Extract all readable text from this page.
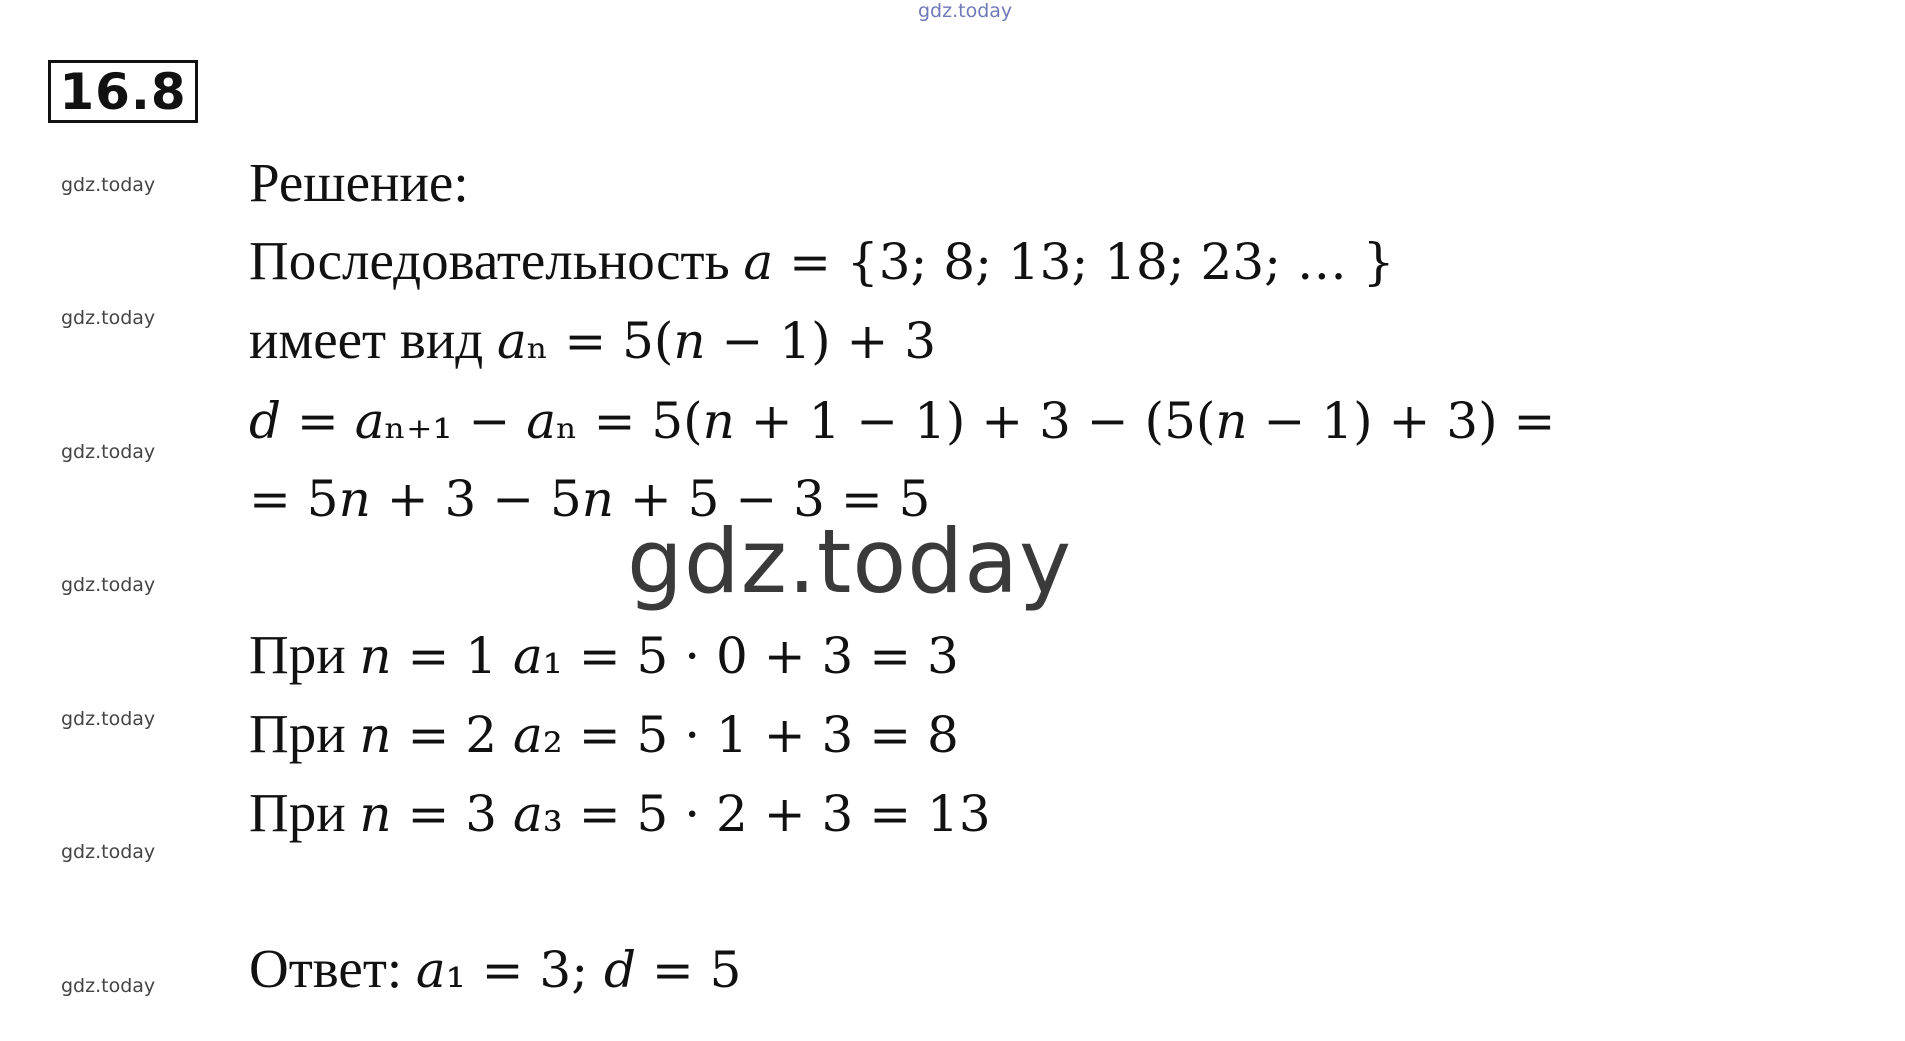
gdz.today
16.8
gdz.today
gdz.today
gdz.today
gdz.today
gdz.today
gdz.today
gdz.today
Решение:
Последовательность 𝑎 = {3; 8; 13; 18; 23; … }
имеет вид 𝑎ₙ = 5(𝑛 − 1) + 3
𝑑 = 𝑎ₙ₊₁ − 𝑎ₙ = 5(𝑛 + 1 − 1) + 3 − (5(𝑛 − 1) + 3) =
= 5𝑛 + 3 − 5𝑛 + 5 − 3 = 5
gdz.today
При 𝑛 = 1 𝑎₁ = 5 · 0 + 3 = 3
При 𝑛 = 2 𝑎₂ = 5 · 1 + 3 = 8
При 𝑛 = 3 𝑎₃ = 5 · 2 + 3 = 13
Ответ: 𝑎₁ = 3; 𝑑 = 5
